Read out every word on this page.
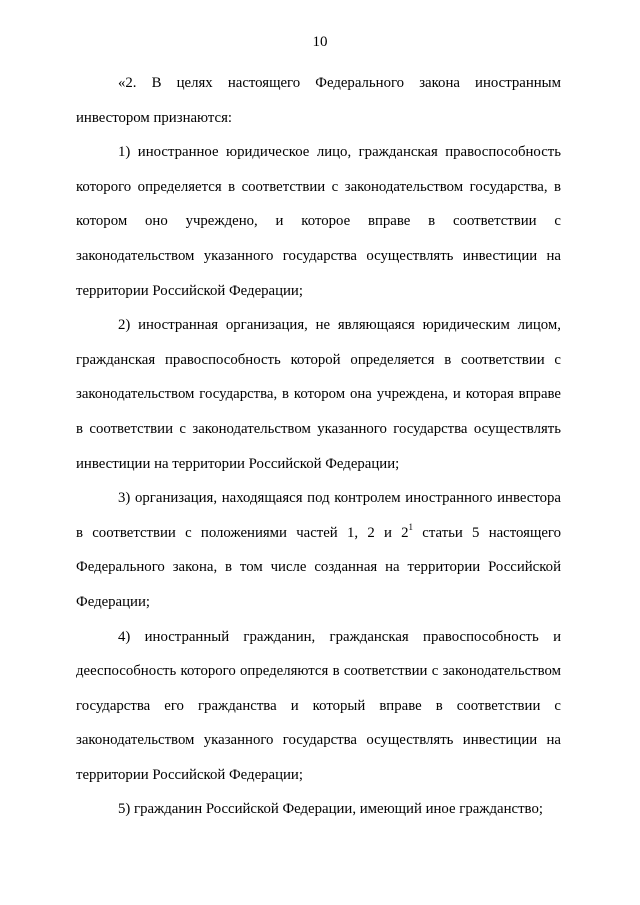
10

«2. В целях настоящего Федерального закона иностранным инвестором признаются:

1) иностранное юридическое лицо, гражданская правоспособность которого определяется в соответствии с законодательством государства, в котором оно учреждено, и которое вправе в соответствии с законодательством указанного государства осуществлять инвестиции на территории Российской Федерации;

2) иностранная организация, не являющаяся юридическим лицом, гражданская правоспособность которой определяется в соответствии с законодательством государства, в котором она учреждена, и которая вправе в соответствии с законодательством указанного государства осуществлять инвестиции на территории Российской Федерации;

3) организация, находящаяся под контролем иностранного инвестора в соответствии с положениями частей 1, 2 и $2^1$ статьи 5 настоящего Федерального закона, в том числе созданная на территории Российской Федерации;

4) иностранный гражданин, гражданская правоспособность и дееспособность которого определяются в соответствии с законодательством государства его гражданства и который вправе в соответствии с законодательством указанного государства осуществлять инвестиции на территории Российской Федерации;

5) гражданин Российской Федерации, имеющий иное гражданство;
